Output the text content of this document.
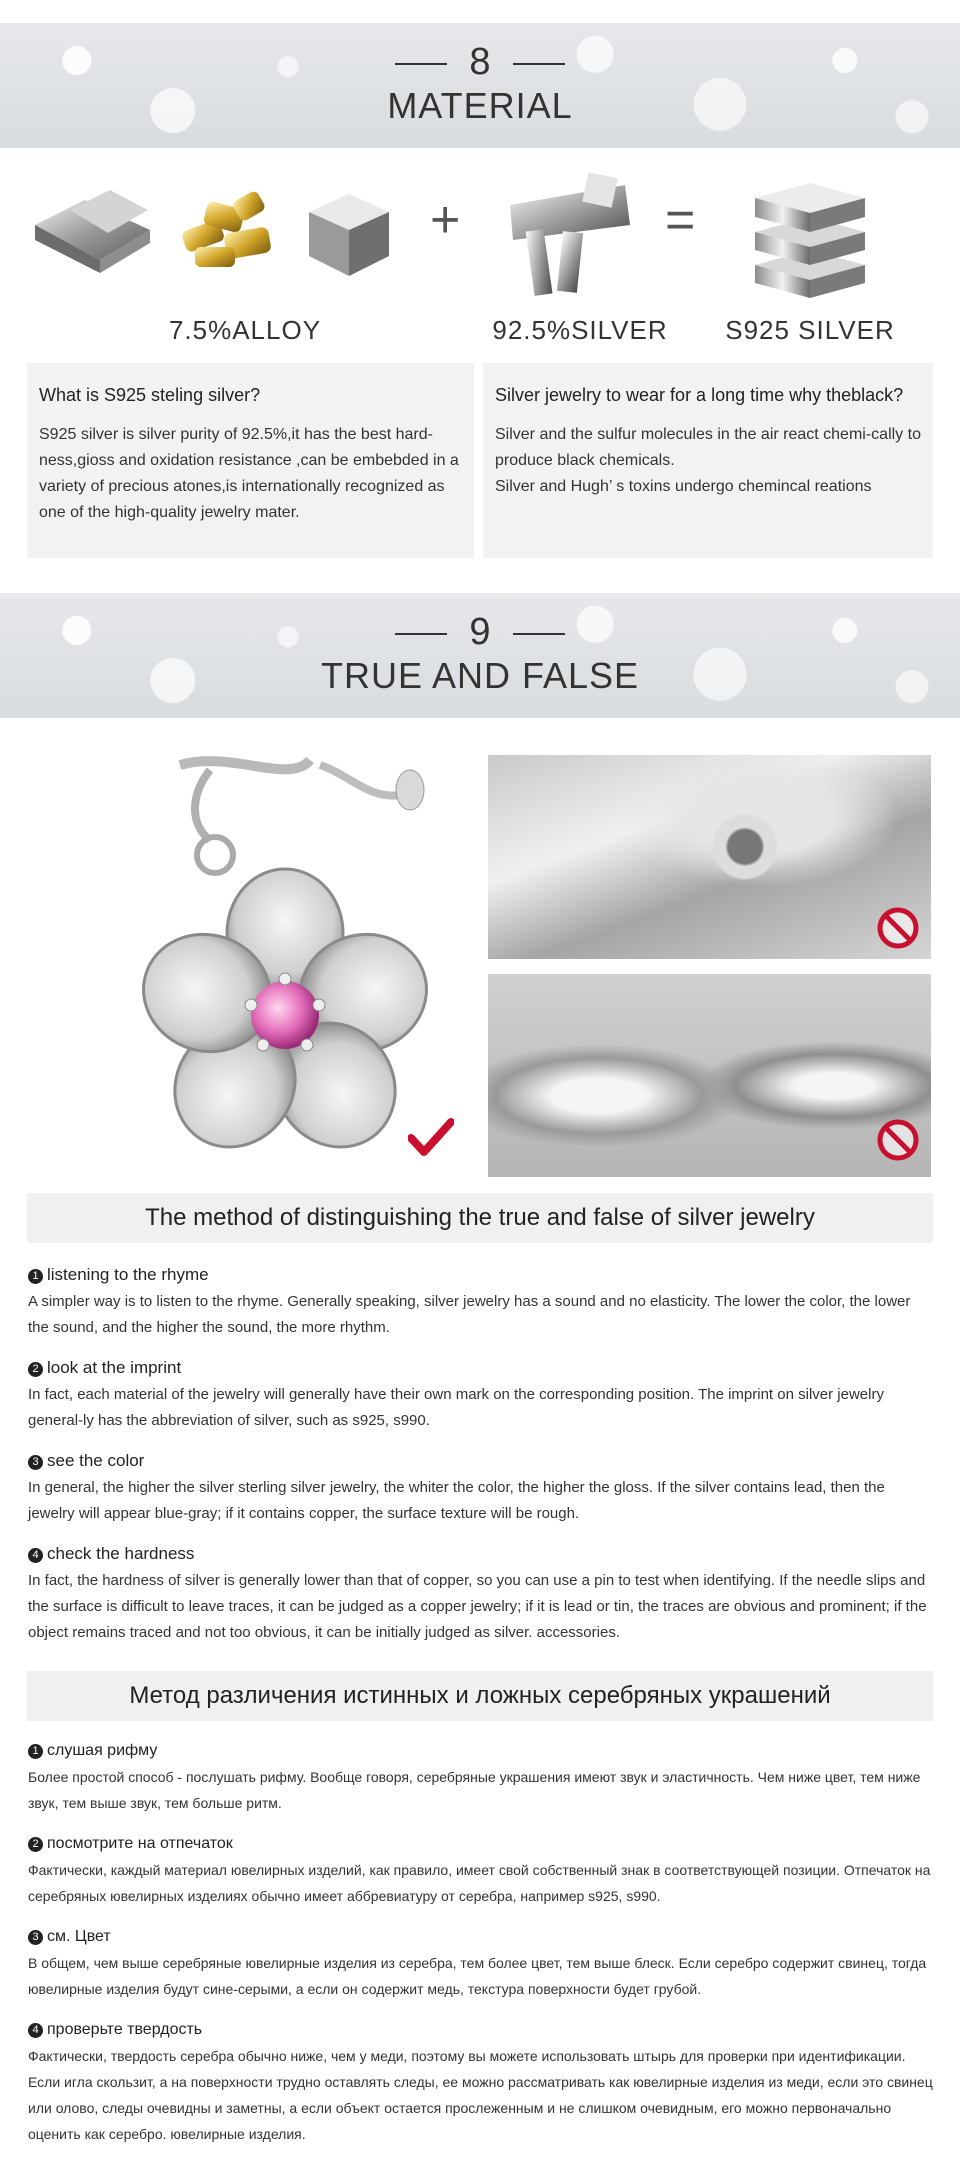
8
MATERIAL
+	=
7.5%ALLOY	92.5%SILVER	S925 SILVER
What is S925 steling silver?

S925 silver is silver purity of 92.5%,it has the best hard-ness,gioss and oxidation resistance ,can be embebded in a variety of precious atones,is internationally recognized as one of the high-quality jewelry mater.

Silver jewelry to wear for a long time why theblack?

Silver and the sulfur molecules in the air react chemi-cally to produce black chemicals.

Silver and Hugh’ s toxins undergo chemincal reations

9
TRUE AND FALSE
The method of distinguishing the true and false of silver jewelry
1 listening to the rhyme

A simpler way is to listen to the rhyme. Generally speaking, silver jewelry has a sound and no elasticity. The lower the color, the lower the sound, and the higher the sound, the more rhythm.

2 look at the imprint

In fact, each material of the jewelry will generally have their own mark on the corresponding position. The imprint on silver jewelry general-ly has the abbreviation of silver, such as s925, s990.

3 see the color

In general, the higher the silver sterling silver jewelry, the whiter the color, the higher the gloss. If the silver contains lead, then the jewelry will appear blue-gray; if it contains copper, the surface texture will be rough.

4 check the hardness

In fact, the hardness of silver is generally lower than that of copper, so you can use a pin to test when identifying. If the needle slips and the surface is difficult to leave traces, it can be judged as a copper jewelry; if it is lead or tin, the traces are obvious and prominent; if the object remains traced and not too obvious, it can be initially judged as silver. accessories.

Метод различения истинных и ложных серебряных украшений
1 слушая рифму

Более простой способ - послушать рифму. Вообще говоря, серебряные украшения имеют звук и эластичность. Чем ниже цвет, тем ниже звук, тем выше звук, тем больше ритм.

2 посмотрите на отпечаток

Фактически, каждый материал ювелирных изделий, как правило, имеет свой собственный знак в соответствующей позиции. Отпечаток на серебряных ювелирных изделиях обычно имеет аббревиатуру от серебра, например s925, s990.

3 см. Цвет

В общем, чем выше серебряные ювелирные изделия из серебра, тем более цвет, тем выше блеск. Если серебро содержит свинец, тогда ювелирные изделия будут сине-серыми, а если он содержит медь, текстура поверхности будет грубой.

4 проверьте твердость

Фактически, твердость серебра обычно ниже, чем у меди, поэтому вы можете использовать штырь для проверки при идентификации. Если игла скользит, а на поверхности трудно оставлять следы, ее можно рассматривать как ювелирные изделия из меди, если это свинец или олово, следы очевидны и заметны, а если объект остается прослеженным и не слишком очевидным, его можно первоначально оценить как серебро. ювелирные изделия.
